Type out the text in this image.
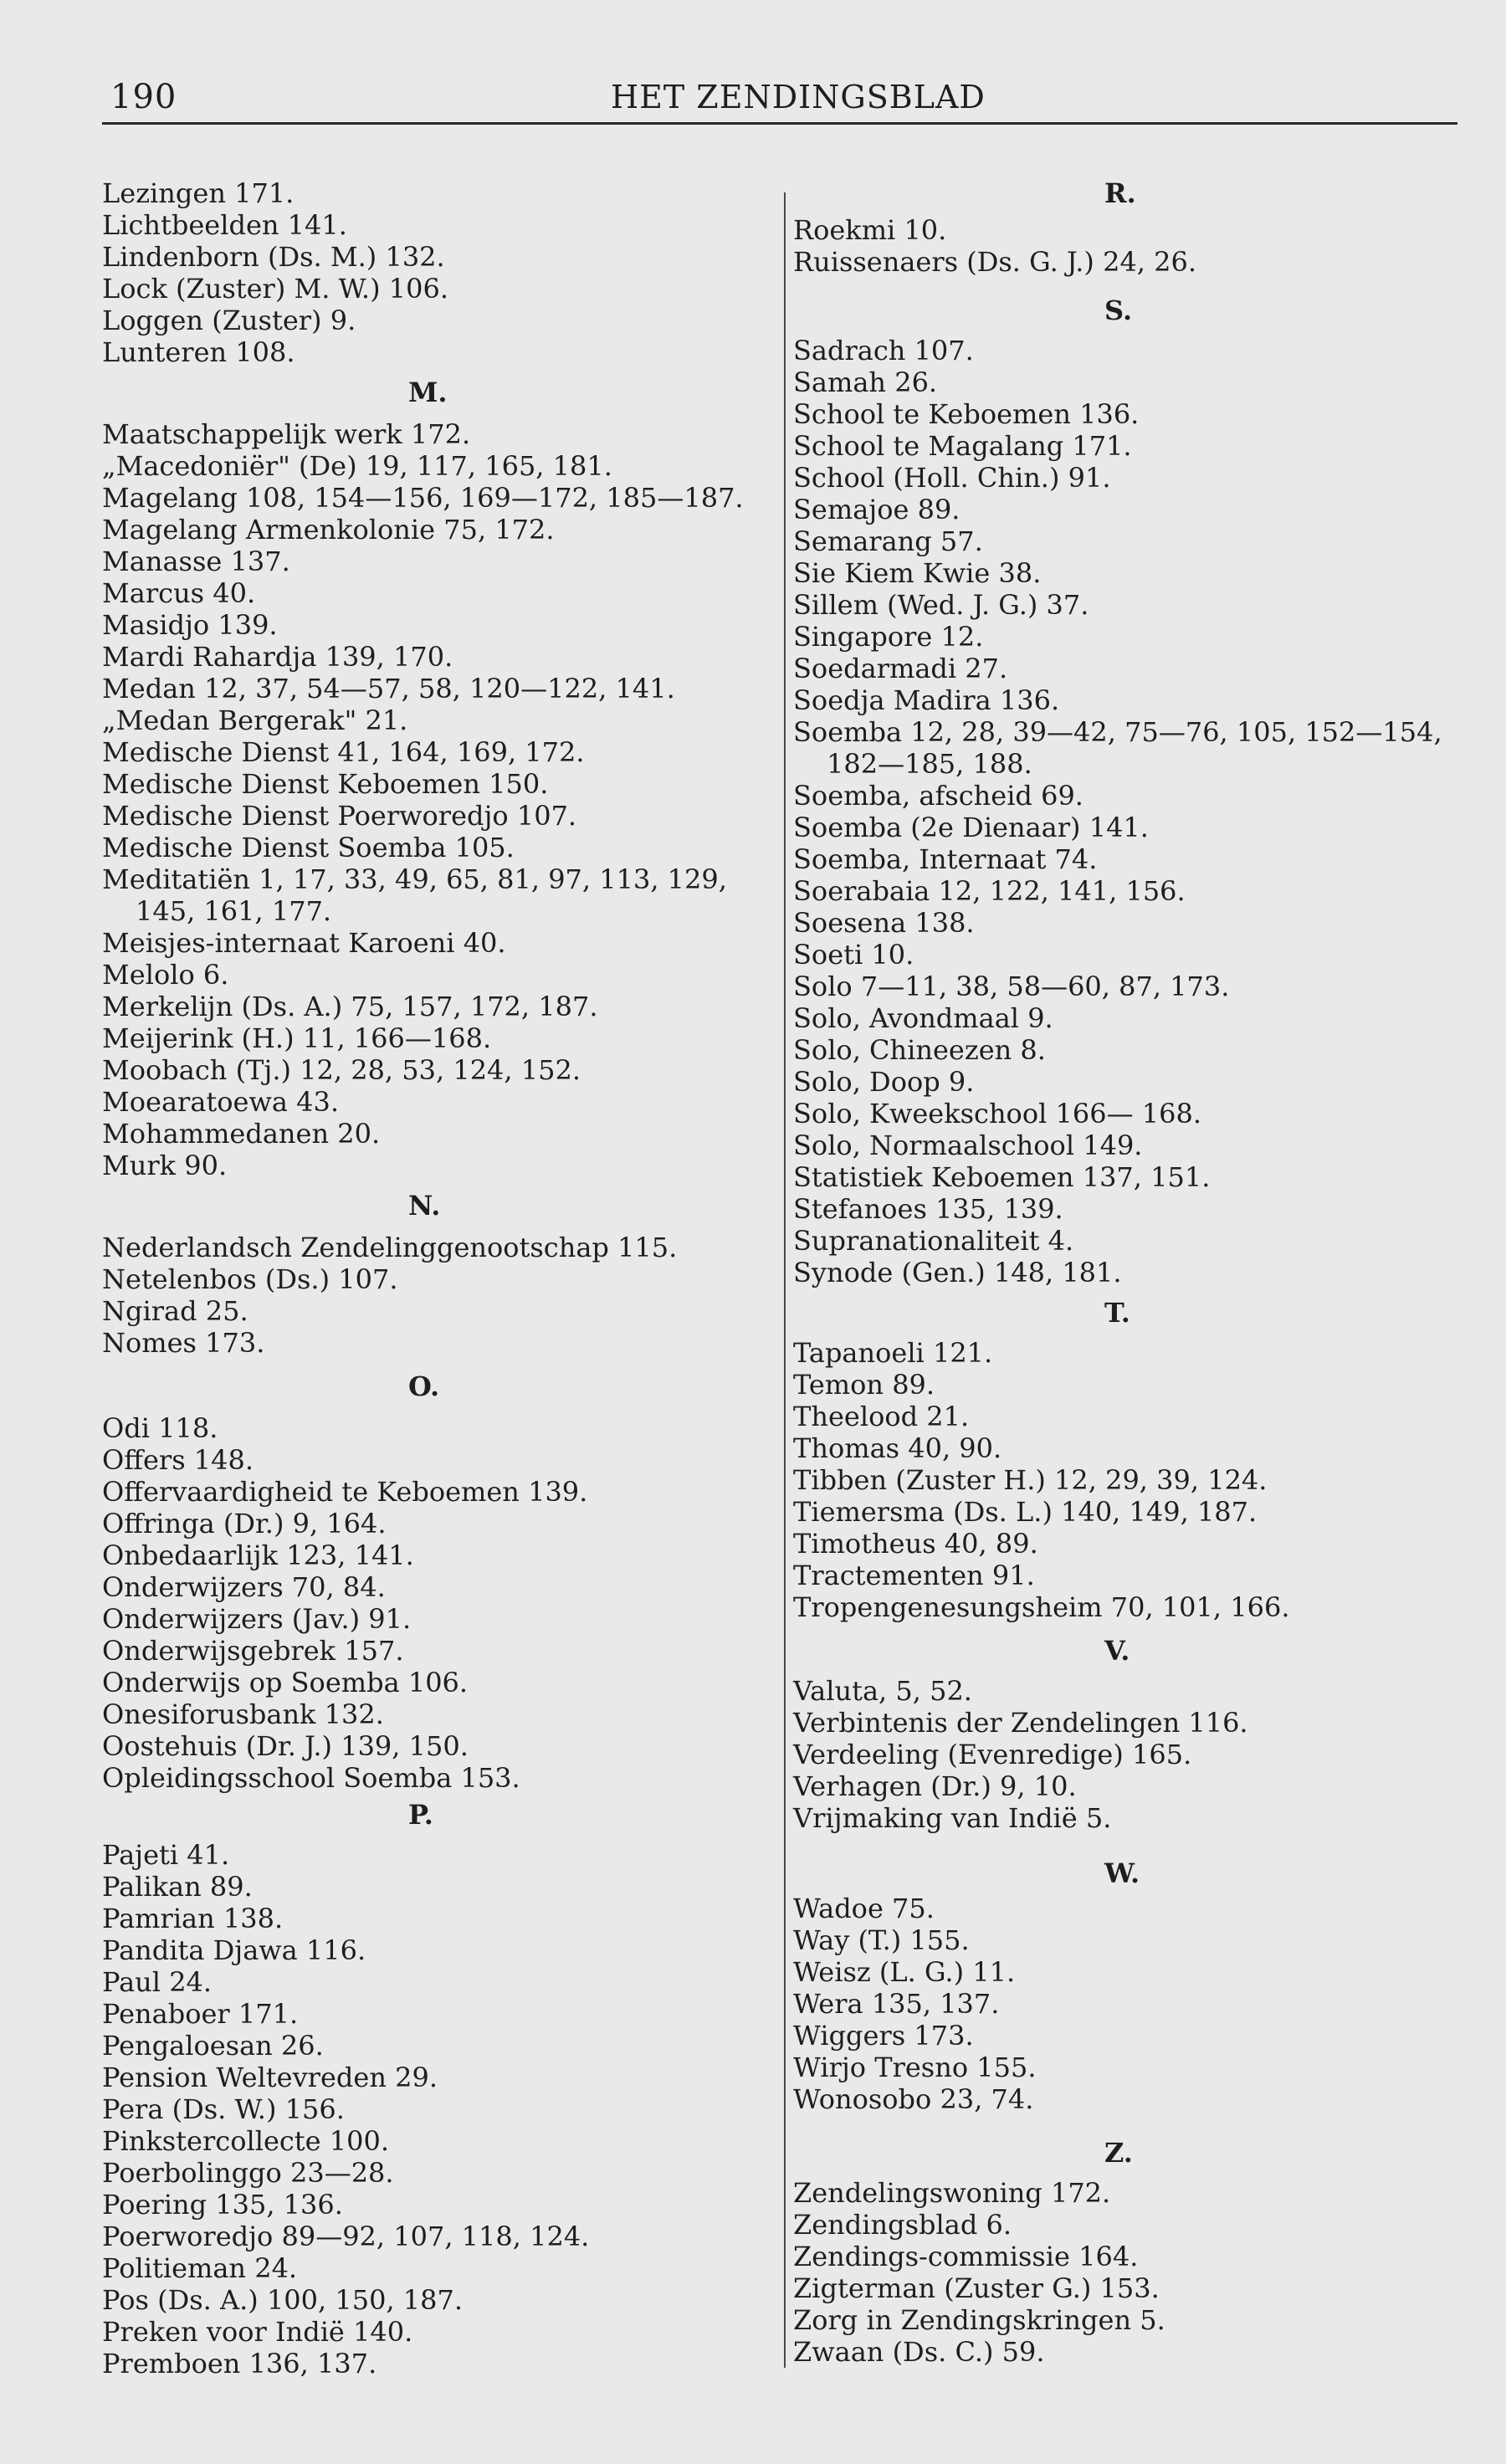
190	HET ZENDINGSBLAD
Lezingen 171.
Lichtbeelden 141.
Lindenborn (Ds. M.) 132.
Lock (Zuster) M. W.) 106.
Loggen (Zuster) 9.
Lunteren 108.
M.
Maatschappelijk werk 172.
„Macedoniër" (De) 19, 117, 165, 181.
Magelang 108, 154—156, 169—172, 185—187.
Magelang Armenkolonie 75, 172.
Manasse 137.
Marcus 40.
Masidjo 139.
Mardi Rahardja 139, 170.
Medan 12, 37, 54—57, 58, 120—122, 141.
„Medan Bergerak" 21.
Medische Dienst 41, 164, 169, 172.
Medische Dienst Keboemen 150.
Medische Dienst Poerworedjo 107.
Medische Dienst Soemba 105.
Meditatiën 1, 17, 33, 49, 65, 81, 97, 113, 129,
145, 161, 177.
Meisjes-internaat Karoeni 40.
Melolo 6.
Merkelijn (Ds. A.) 75, 157, 172, 187.
Meijerink (H.) 11, 166—168.
Moobach (Tj.) 12, 28, 53, 124, 152.
Moearatoewa 43.
Mohammedanen 20.
Murk 90.
N.
Nederlandsch Zendelinggenootschap 115.
Netelenbos (Ds.) 107.
Ngirad 25.
Nomes 173.
O.
Odi 118.
Offers 148.
Offervaardigheid te Keboemen 139.
Offringa (Dr.) 9, 164.
Onbedaarlijk 123, 141.
Onderwijzers 70, 84.
Onderwijzers (Jav.) 91.
Onderwijsgebrek 157.
Onderwijs op Soemba 106.
Onesiforusbank 132.
Oostehuis (Dr. J.) 139, 150.
Opleidingsschool Soemba 153.
P.
Pajeti 41.
Palikan 89.
Pamrian 138.
Pandita Djawa 116.
Paul 24.
Penaboer 171.
Pengaloesan 26.
Pension Weltevreden 29.
Pera (Ds. W.) 156.
Pinkstercollecte 100.
Poerbolinggo 23—28.
Poering 135, 136.
Poerworedjo 89—92, 107, 118, 124.
Politieman 24.
Pos (Ds. A.) 100, 150, 187.
Preken voor Indië 140.
Premboen 136, 137.
R.
Roekmi 10.
Ruissenaers (Ds. G. J.) 24, 26.
S.
Sadrach 107.
Samah 26.
School te Keboemen 136.
School te Magalang 171.
School (Holl. Chin.) 91.
Semajoe 89.
Semarang 57.
Sie Kiem Kwie 38.
Sillem (Wed. J. G.) 37.
Singapore 12.
Soedarmadi 27.
Soedja Madira 136.
Soemba 12, 28, 39—42, 75—76, 105, 152—154,
182—185, 188.
Soemba, afscheid 69.
Soemba (2e Dienaar) 141.
Soemba, Internaat 74.
Soerabaia 12, 122, 141, 156.
Soesena 138.
Soeti 10.
Solo 7—11, 38, 58—60, 87, 173.
Solo, Avondmaal 9.
Solo, Chineezen 8.
Solo, Doop 9.
Solo, Kweekschool 166— 168.
Solo, Normaalschool 149.
Statistiek Keboemen 137, 151.
Stefanoes 135, 139.
Supranationaliteit 4.
Synode (Gen.) 148, 181.
T.
Tapanoeli 121.
Temon 89.
Theelood 21.
Thomas 40, 90.
Tibben (Zuster H.) 12, 29, 39, 124.
Tiemersma (Ds. L.) 140, 149, 187.
Timotheus 40, 89.
Tractementen 91.
Tropengenesungsheim 70, 101, 166.
V.
Valuta, 5, 52.
Verbintenis der Zendelingen 116.
Verdeeling (Evenredige) 165.
Verhagen (Dr.) 9, 10.
Vrijmaking van Indië 5.
W.
Wadoe 75.
Way (T.) 155.
Weisz (L. G.) 11.
Wera 135, 137.
Wiggers 173.
Wirjo Tresno 155.
Wonosobo 23, 74.
Z.
Zendelingswoning 172.
Zendingsblad 6.
Zendings-commissie 164.
Zigterman (Zuster G.) 153.
Zorg in Zendingskringen 5.
Zwaan (Ds. C.) 59.
